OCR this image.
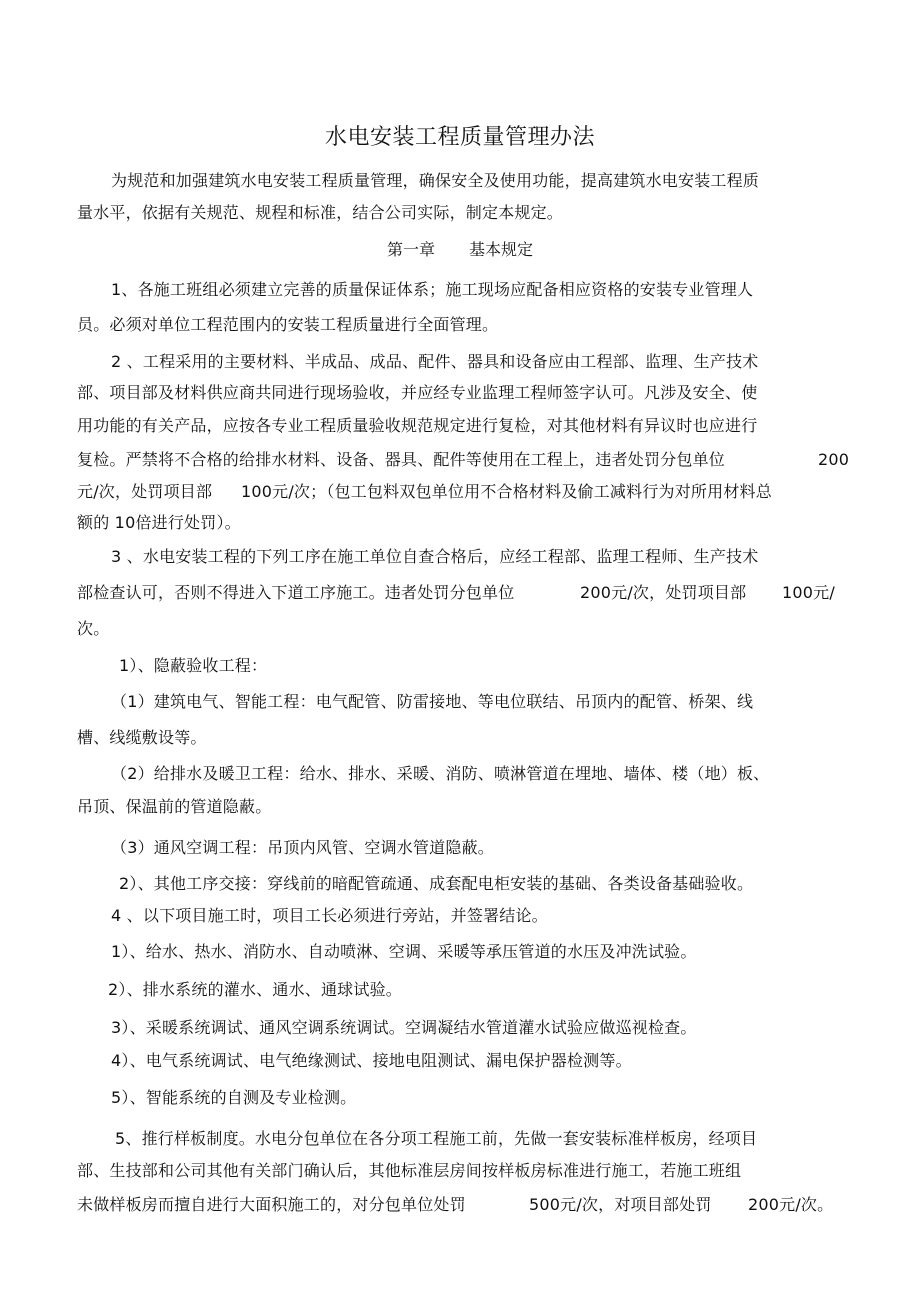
水电安装工程质量管理办法
为规范和加强建筑水电安装工程质量管理，确保安全及使用功能，提高建筑水电安装工程质
量水平，依据有关规范、规程和标准，结合公司实际，制定本规定。
第一章 基本规定
1、各施工班组必须建立完善的质量保证体系；施工现场应配备相应资格的安装专业管理人
员。必须对单位工程范围内的安装工程质量进行全面管理。
2 、工程采用的主要材料、半成品、成品、配件、器具和设备应由工程部、监理、生产技术
部、项目部及材料供应商共同进行现场验收，并应经专业监理工程师签字认可。凡涉及安全、使
用功能的有关产品，应按各专业工程质量验收规范规定进行复检，对其他材料有异议时也应进行
复检。严禁将不合格的给排水材料、设备、器具、配件等使用在工程上，违者处罚分包单位	200
元/次，处罚项目部 100元/次；（包工包料双包单位用不合格材料及偷工减料行为对所用材料总
额的 10倍进行处罚）。
3 、水电安装工程的下列工序在施工单位自查合格后，应经工程部、监理工程师、生产技术
部检查认可，否则不得进入下道工序施工。违者处罚分包单位	200元/次，处罚项目部 100元/
次。
1）、隐蔽验收工程：
（1）建筑电气、智能工程：电气配管、防雷接地、等电位联结、吊顶内的配管、桥架、线
槽、线缆敷设等。
（2）给排水及暖卫工程：给水、排水、采暖、消防、喷淋管道在埋地、墙体、楼（地）板、
吊顶、保温前的管道隐蔽。
（3）通风空调工程：吊顶内风管、空调水管道隐蔽。
2）、其他工序交接：穿线前的暗配管疏通、成套配电柜安装的基础、各类设备基础验收。
4 、以下项目施工时，项目工长必须进行旁站，并签署结论。
1）、给水、热水、消防水、自动喷淋、空调、采暖等承压管道的水压及冲洗试验。
2）、排水系统的灌水、通水、通球试验。
3）、采暖系统调试、通风空调系统调试。空调凝结水管道灌水试验应做巡视检查。
4）、电气系统调试、电气绝缘测试、接地电阻测试、漏电保护器检测等。
5）、智能系统的自测及专业检测。
5、推行样板制度。水电分包单位在各分项工程施工前，先做一套安装标准样板房，经项目
部、生技部和公司其他有关部门确认后，其他标准层房间按样板房标准进行施工，若施工班组
未做样板房而擅自进行大面积施工的，对分包单位处罚	500元/次，对项目部处罚 200元/次。
